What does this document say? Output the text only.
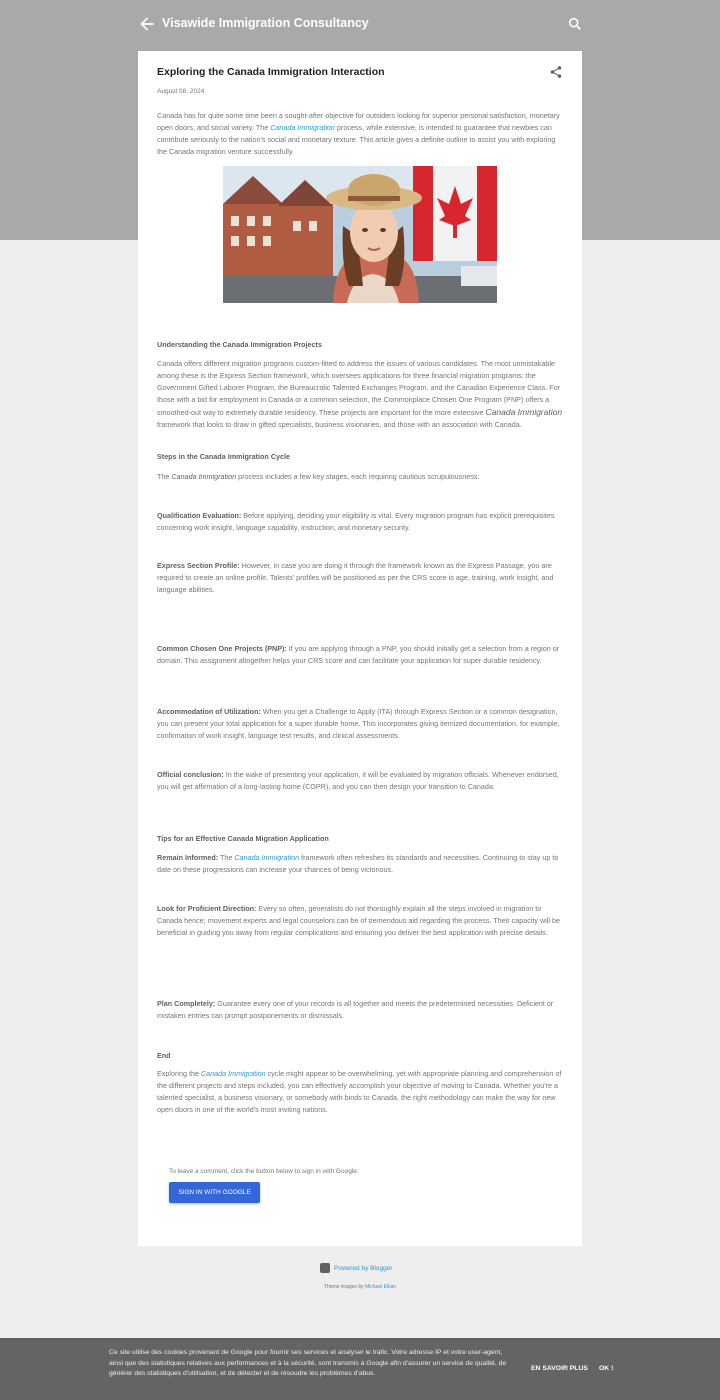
Visawide Immigration Consultancy
Exploring the Canada Immigration Interaction
August 08, 2024

Canada has for quite some time been a sought-after objective for outsiders looking for superior personal satisfaction, monetary open doors, and social variety. The Canada Immigration process, while extensive, is intended to guarantee that newbies can contribute seriously to the nation's social and monetary texture. This article gives a definite outline to assist you with exploring the Canada migration venture successfully.

Understanding the Canada Immigration Projects

Canada offers different migration programs custom-fitted to address the issues of various candidates. The most unmistakable among these is the Express Section framework, which oversees applications for three financial migration programs: the Government Gifted Laborer Program, the Bureaucratic Talented Exchanges Program, and the Canadian Experience Class. For those with a bid for employment in Canada or a common selection, the Commonplace Chosen One Program (PNP) offers a smoothed-out way to extremely durable residency. These projects are important for the more extensive Canada Immigration framework that looks to draw in gifted specialists, business visionaries, and those with an association with Canada.

Steps in the Canada Immigration Cycle

The Canada Immigration process includes a few key stages, each requiring cautious scrupulousness:

Qualification Evaluation: Before applying, deciding your eligibility is vital. Every migration program has explicit prerequisites concerning work insight, language capability, instruction, and monetary security.

Express Section Profile: However, in case you are doing it through the framework known as the Express Passage, you are required to create an online profile. Talents' profiles will be positioned as per the CRS score is age, training, work insight, and language abilities.

Common Chosen One Projects (PNP): If you are applying through a PNP, you should initially get a selection from a region or domain. This assignment altogether helps your CRS score and can facilitate your application for super durable residency.

Accommodation of Utilization: When you get a Challenge to Apply (ITA) through Express Section or a common designation, you can present your total application for a super durable home. This incorporates giving itemized documentation, for example, confirmation of work insight, language test results, and clinical assessments.

Official conclusion: In the wake of presenting your application, it will be evaluated by migration officials. Whenever endorsed, you will get affirmation of a long-lasting home (COPR), and you can then design your transition to Canada.

Tips for an Effective Canada Migration Application

Remain Informed: The Canada Immigration framework often refreshes its standards and necessities. Continuing to stay up to date on these progressions can increase your chances of being victorious.

Look for Proficient Direction: Every so often, generalists do not thoroughly explain all the steps involved in migration to Canada hence; movement experts and legal counselors can be of tremendous aid regarding the process. Their capacity will be beneficial in guiding you away from regular complications and ensuring you deliver the best application with precise details.

Plan Completely: Guarantee every one of your records is all together and meets the predetermined necessities. Deficient or mistaken entries can prompt postponements or dismissals.

End

Exploring the Canada Immigration cycle might appear to be overwhelming, yet with appropriate planning and comprehension of the different projects and steps included, you can effectively accomplish your objective of moving to Canada. Whether you're a talented specialist, a business visionary, or somebody with binds to Canada, the right methodology can make the way for new open doors in one of the world's most inviting nations.

To leave a comment, click the button below to sign in with Google.
SIGN IN WITH GOOGLE
Powered by Blogger
Theme images by Michael Elkan
Ce site utilise des cookies provenant de Google pour fournir ses services et analyser le trafic. Votre adresse IP et votre user-agent, ainsi que des statistiques relatives aux performances et à la sécurité, sont transmis à Google afin d'assurer un service de qualité, de générer des statistiques d'utilisation, et de détecter et de résoudre les problèmes d'abus.
EN SAVOIR PLUS OK !
